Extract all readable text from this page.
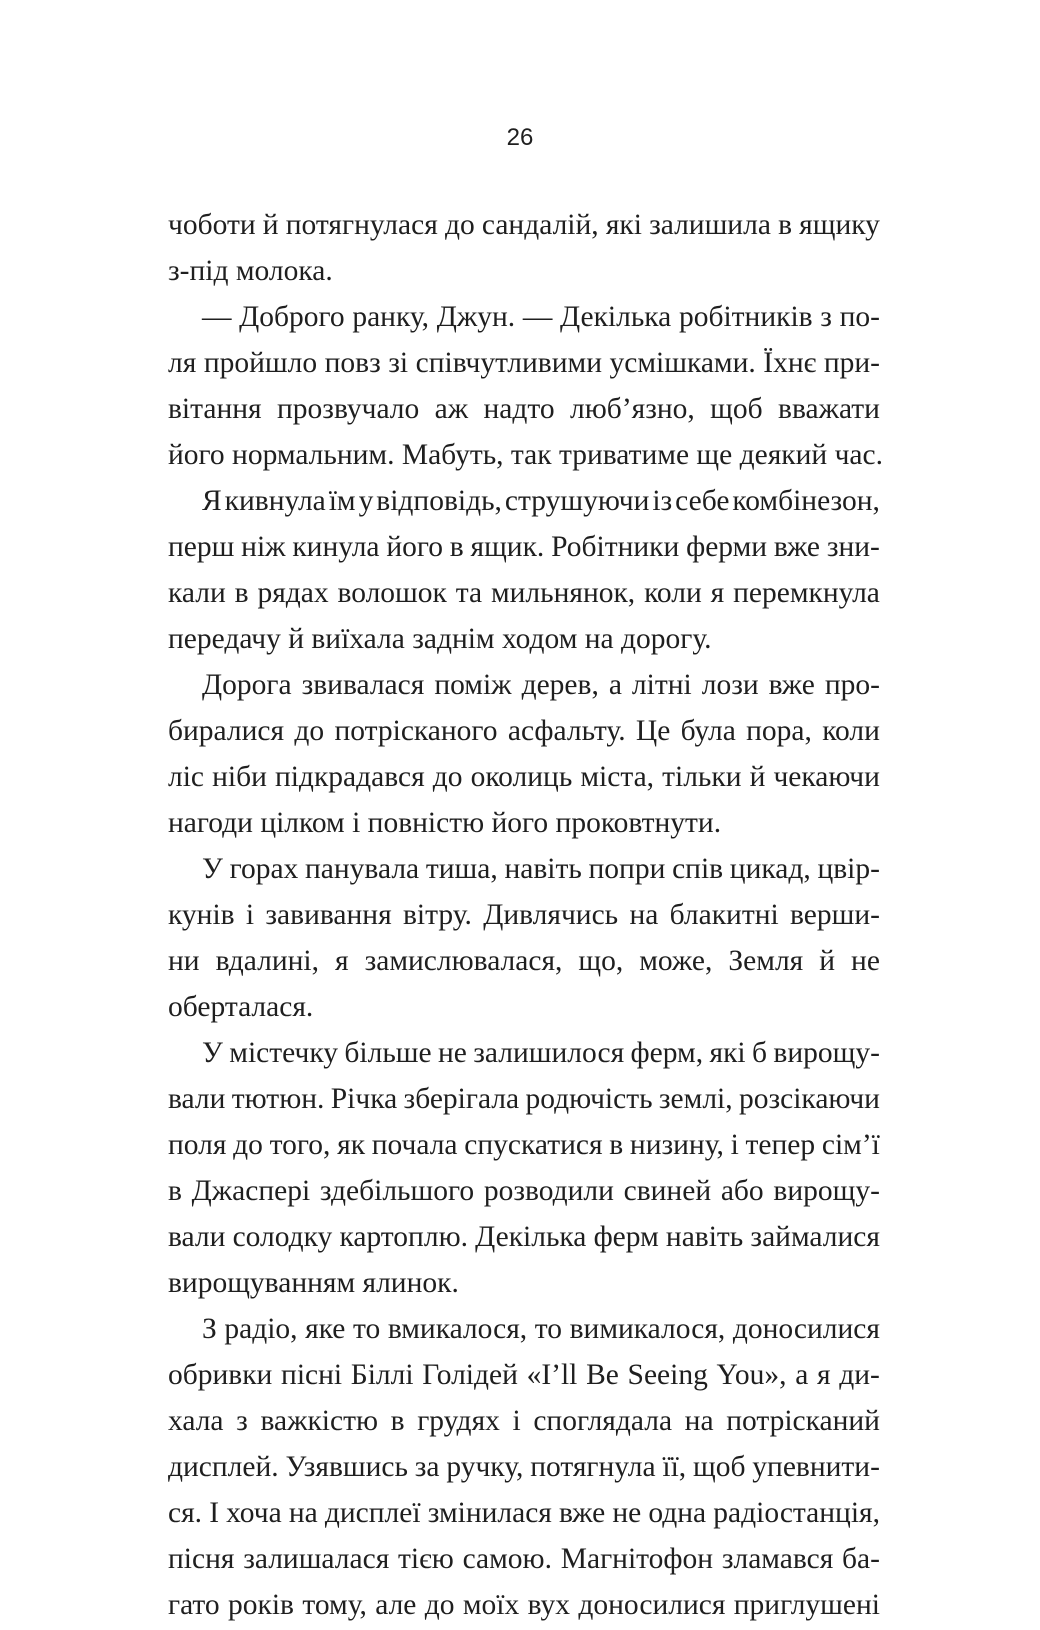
26
чоботи й потягнулася до сандалій, які залишила в ящику
з-під молока.
— Доброго ранку, Джун. — Декілька робітників з по-
ля пройшло повз зі співчутливими усмішками. Їхнє при-
вітання прозвучало аж надто люб’язно, щоб вважати
його нормальним. Мабуть, так триватиме ще деякий час.
Я кивнула їм у відповідь, струшуючи із себе комбінезон,
перш ніж кинула його в ящик. Робітники ферми вже зни-
кали в рядах волошок та мильнянок, коли я перемкнула
передачу й виїхала заднім ходом на дорогу.
Дорога звивалася поміж дерев, а літні лози вже про-
биралися до потрісканого асфальту. Це була пора, коли
ліс ніби підкрадався до околиць міста, тільки й чекаючи
нагоди цілком і повністю його проковтнути.
У горах панувала тиша, навіть попри спів цикад, цвір-
кунів і завивання вітру. Дивлячись на блакитні верши-
ни вдалині, я замислювалася, що, може, Земля й не
оберталася.
У містечку більше не залишилося ферм, які б вирощу-
вали тютюн. Річка зберігала родючість землі, розсікаючи
поля до того, як почала спускатися в низину, і тепер сім’ї
в Джаспері здебільшого розводили свиней або вирощу-
вали солодку картоплю. Декілька ферм навіть займалися
вирощуванням ялинок.
З радіо, яке то вмикалося, то вимикалося, доносилися
обривки пісні Біллі Голідей «I’ll Be Seeing You», а я ди-
хала з важкістю в грудях і споглядала на потрісканий
дисплей. Узявшись за ручку, потягнула її, щоб упевнити-
ся. І хоча на дисплеї змінилася вже не одна радіостанція,
пісня залишалася тією самою. Магнітофон зламався ба-
гато років тому, але до моїх вух доносилися приглушені
